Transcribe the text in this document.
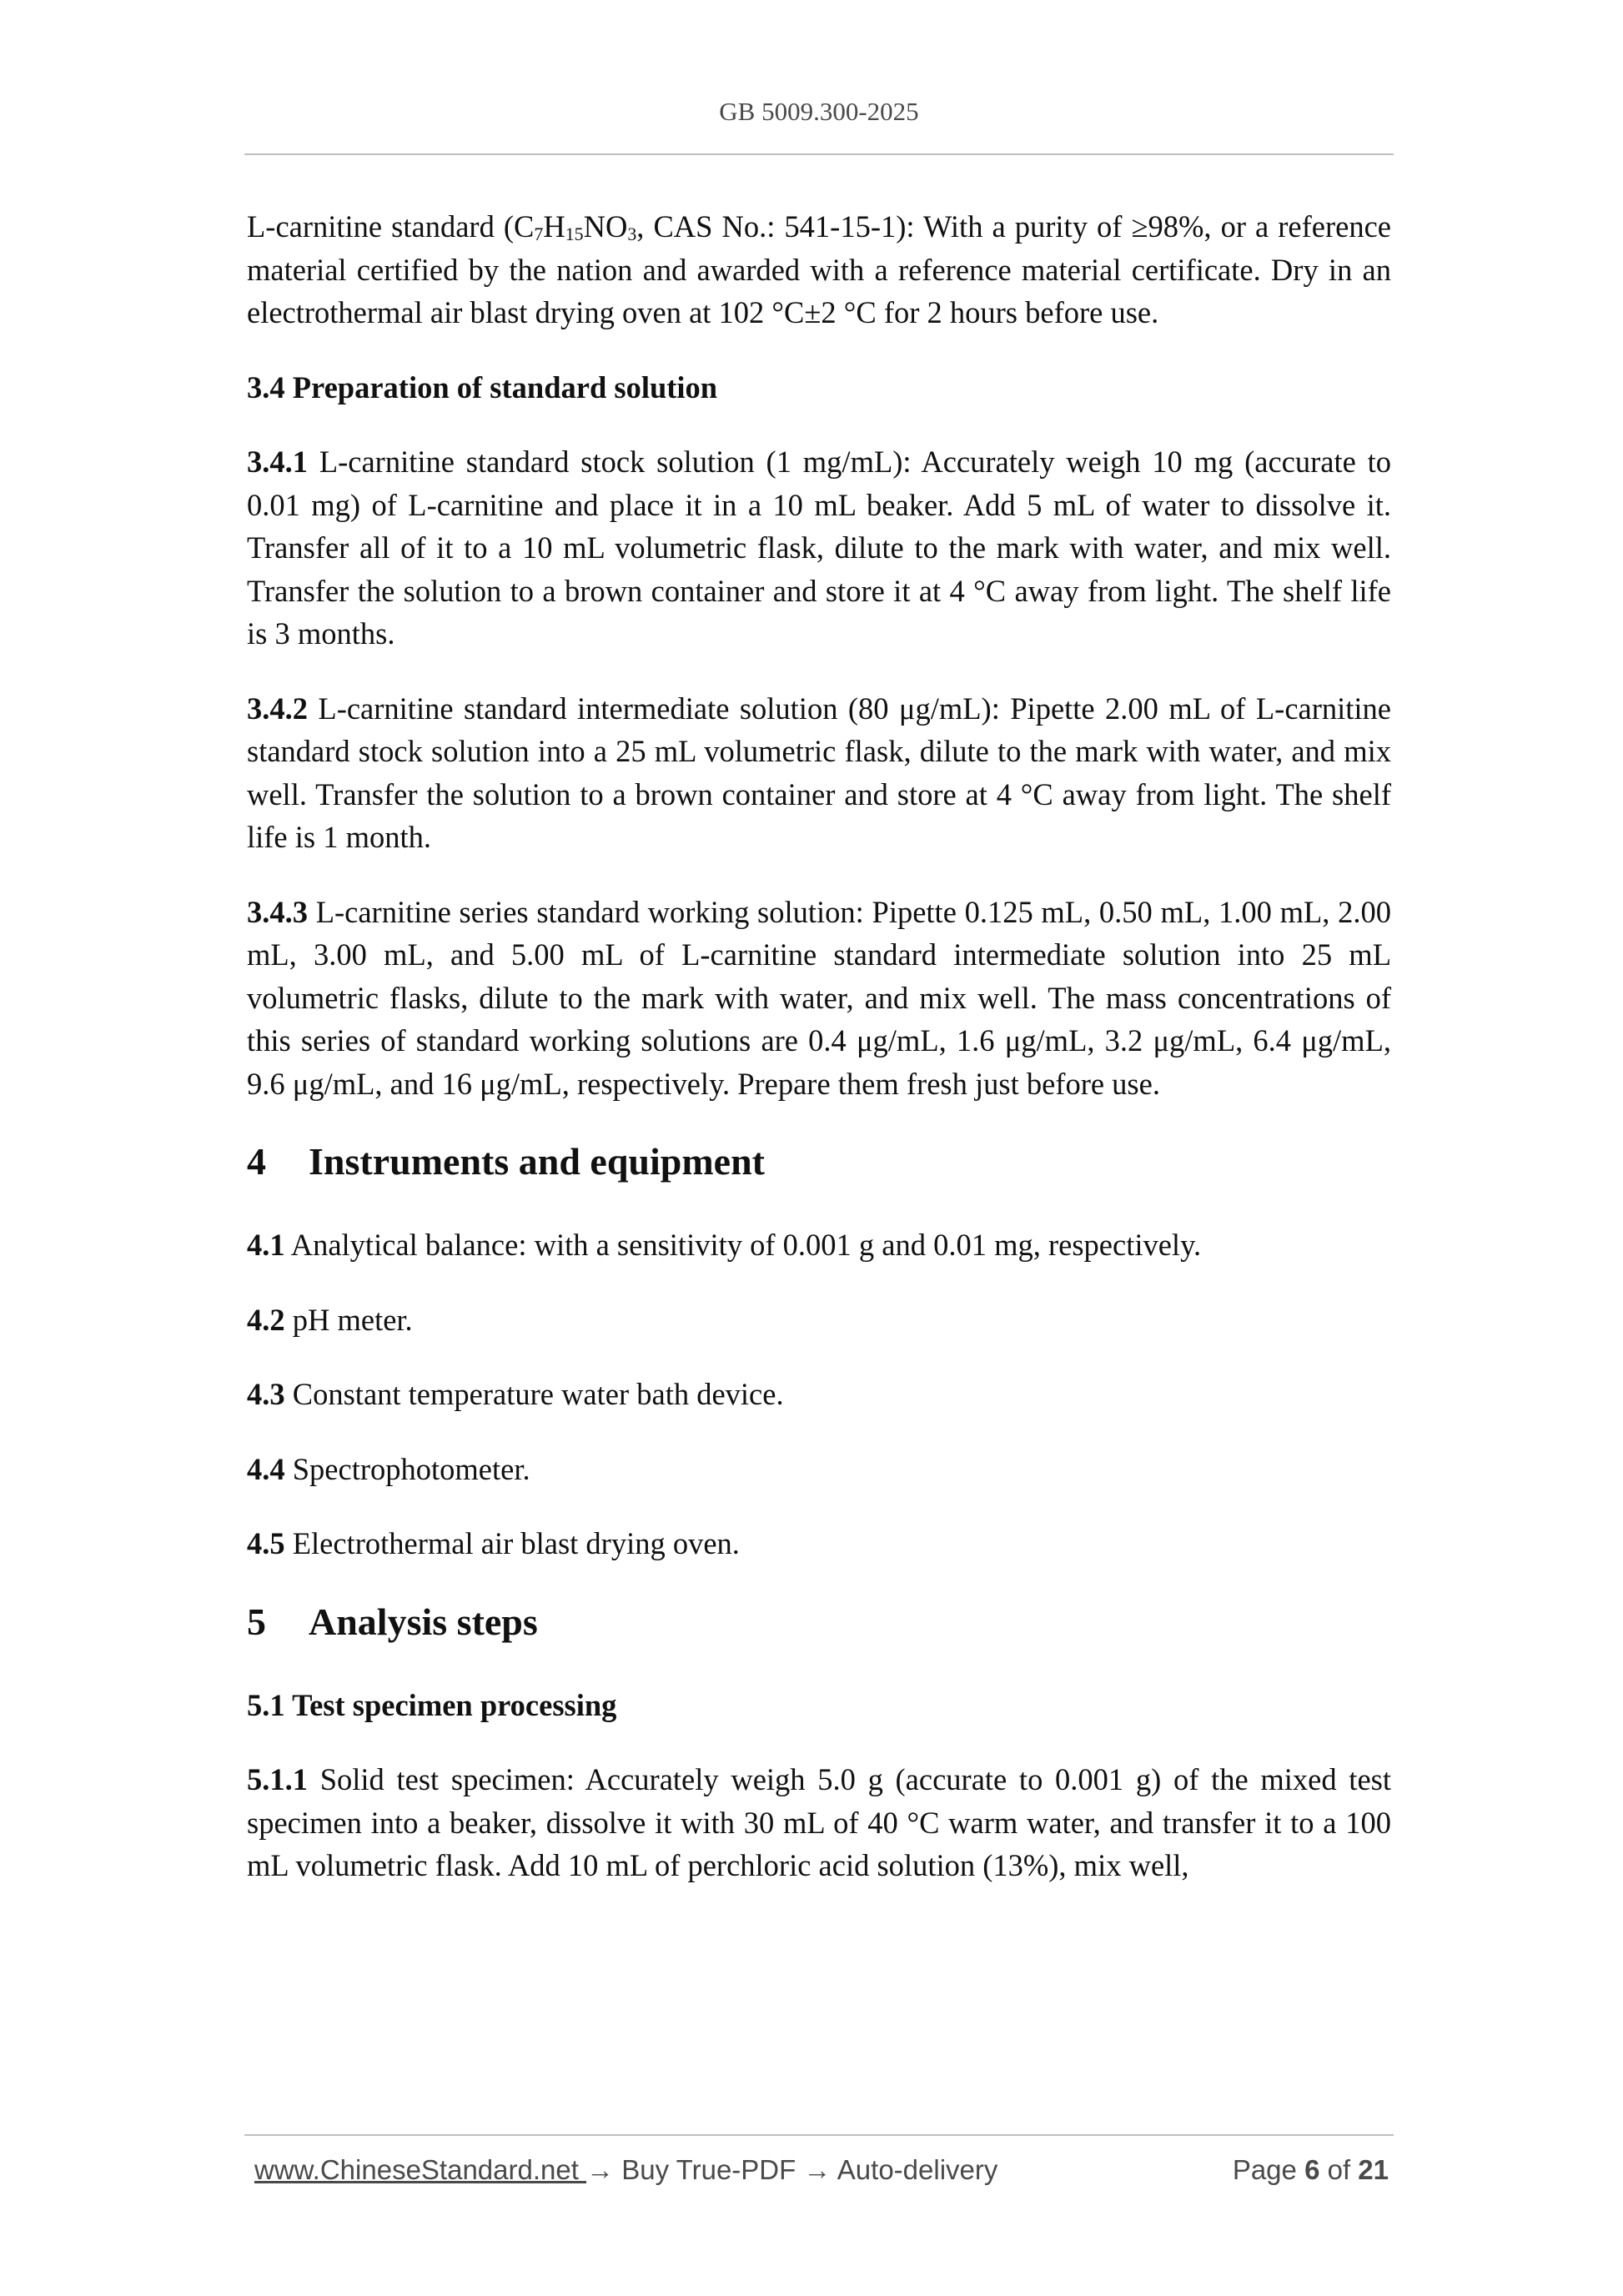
GB 5009.300-2025

L-carnitine standard ($C_7H_{15}NO_3$, CAS No.: 541-15-1): With a purity of ≥98%, or a reference material certified by the nation and awarded with a reference material certificate. Dry in an electrothermal air blast drying oven at 102 °C±2 °C for 2 hours before use.

3.4 Preparation of standard solution

3.4.1 L-carnitine standard stock solution (1 mg/mL): Accurately weigh 10 mg (accurate to 0.01 mg) of L-carnitine and place it in a 10 mL beaker. Add 5 mL of water to dissolve it. Transfer all of it to a 10 mL volumetric flask, dilute to the mark with water, and mix well. Transfer the solution to a brown container and store it at 4 °C away from light. The shelf life is 3 months.

3.4.2 L-carnitine standard intermediate solution (80 μg/mL): Pipette 2.00 mL of L-carnitine standard stock solution into a 25 mL volumetric flask, dilute to the mark with water, and mix well. Transfer the solution to a brown container and store at 4 °C away from light. The shelf life is 1 month.

3.4.3 L-carnitine series standard working solution: Pipette 0.125 mL, 0.50 mL, 1.00 mL, 2.00 mL, 3.00 mL, and 5.00 mL of L-carnitine standard intermediate solution into 25 mL volumetric flasks, dilute to the mark with water, and mix well. The mass concentrations of this series of standard working solutions are 0.4 μg/mL, 1.6 μg/mL, 3.2 μg/mL, 6.4 μg/mL, 9.6 μg/mL, and 16 μg/mL, respectively. Prepare them fresh just before use.

4 Instruments and equipment

4.1 Analytical balance: with a sensitivity of 0.001 g and 0.01 mg, respectively.

4.2 pH meter.

4.3 Constant temperature water bath device.

4.4 Spectrophotometer.

4.5 Electrothermal air blast drying oven.

5 Analysis steps

5.1 Test specimen processing

5.1.1 Solid test specimen: Accurately weigh 5.0 g (accurate to 0.001 g) of the mixed test specimen into a beaker, dissolve it with 30 mL of 40 °C warm water, and transfer it to a 100 mL volumetric flask. Add 10 mL of perchloric acid solution (13%), mix well,

www.ChineseStandard.net → Buy True-PDF → Auto-delivery	Page 6 of 21
